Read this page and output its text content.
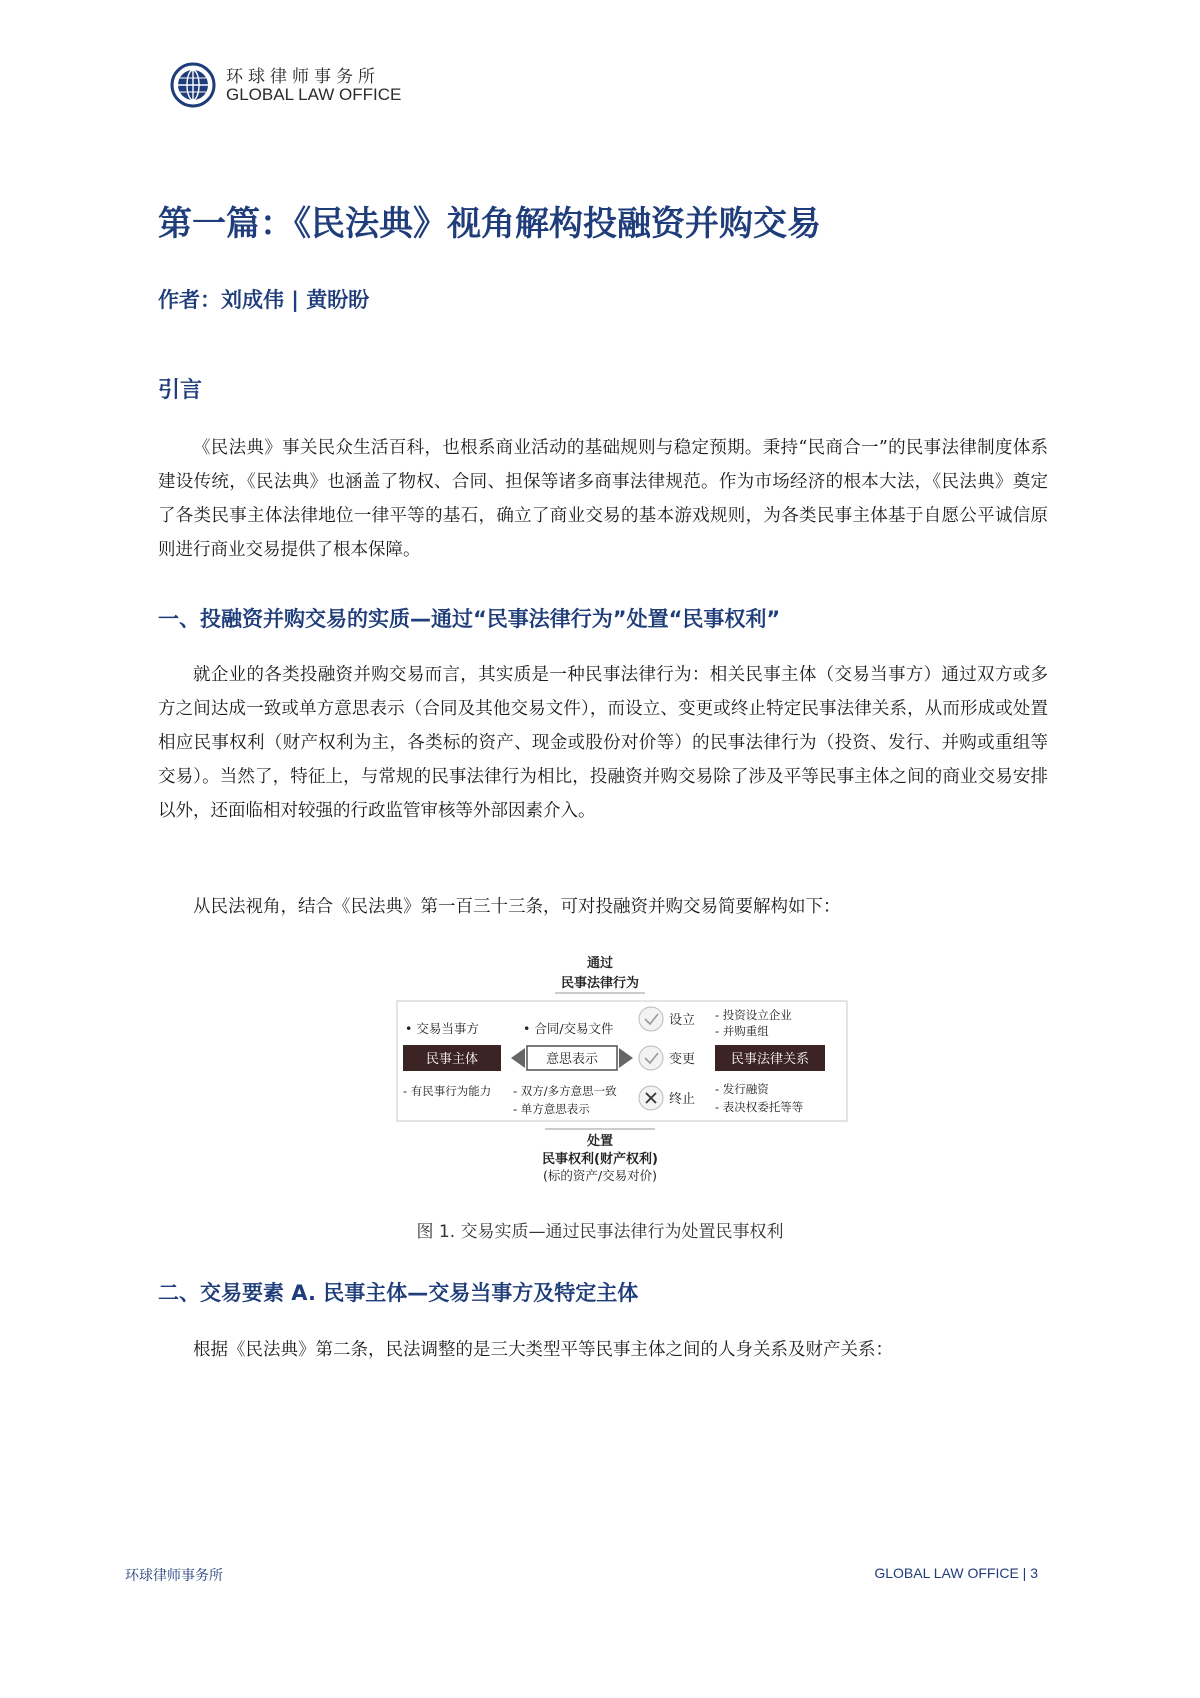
环球律师事务所
GLOBAL LAW OFFICE
第一篇：《民法典》视角解构投融资并购交易
作者：刘成伟 | 黄盼盼
引言
《民法典》事关民众生活百科，也根系商业活动的基础规则与稳定预期。秉持“民商合一”的民事法律制度体系建设传统，《民法典》也涵盖了物权、合同、担保等诸多商事法律规范。作为市场经济的根本大法，《民法典》奠定了各类民事主体法律地位一律平等的基石，确立了商业交易的基本游戏规则，为各类民事主体基于自愿公平诚信原则进行商业交易提供了根本保障。
一、投融资并购交易的实质—通过“民事法律行为”处置“民事权利”
就企业的各类投融资并购交易而言，其实质是一种民事法律行为：相关民事主体（交易当事方）通过双方或多方之间达成一致或单方意思表示（合同及其他交易文件），而设立、变更或终止特定民事法律关系，从而形成或处置相应民事权利（财产权利为主，各类标的资产、现金或股份对价等）的民事法律行为（投资、发行、并购或重组等交易）。当然了，特征上，与常规的民事法律行为相比，投融资并购交易除了涉及平等民事主体之间的商业交易安排以外，还面临相对较强的行政监管审核等外部因素介入。
从民法视角，结合《民法典》第一百三十三条，可对投融资并购交易简要解构如下：
通过
民事法律行为
• 交易当事方
民事主体
- 有民事行为能力
• 合同/交易文件
意思表示
- 双方/多方意思一致
- 单方意思表示
设立
变更
终止
- 投资设立企业
- 并购重组
民事法律关系
- 发行融资
- 表决权委托等等
处置
民事权利(财产权利)
(标的资产/交易对价)
图 1. 交易实质—通过民事法律行为处置民事权利
二、交易要素 A. 民事主体—交易当事方及特定主体
根据《民法典》第二条，民法调整的是三大类型平等民事主体之间的人身关系及财产关系：
环球律师事务所	GLOBAL LAW OFFICE | 3
